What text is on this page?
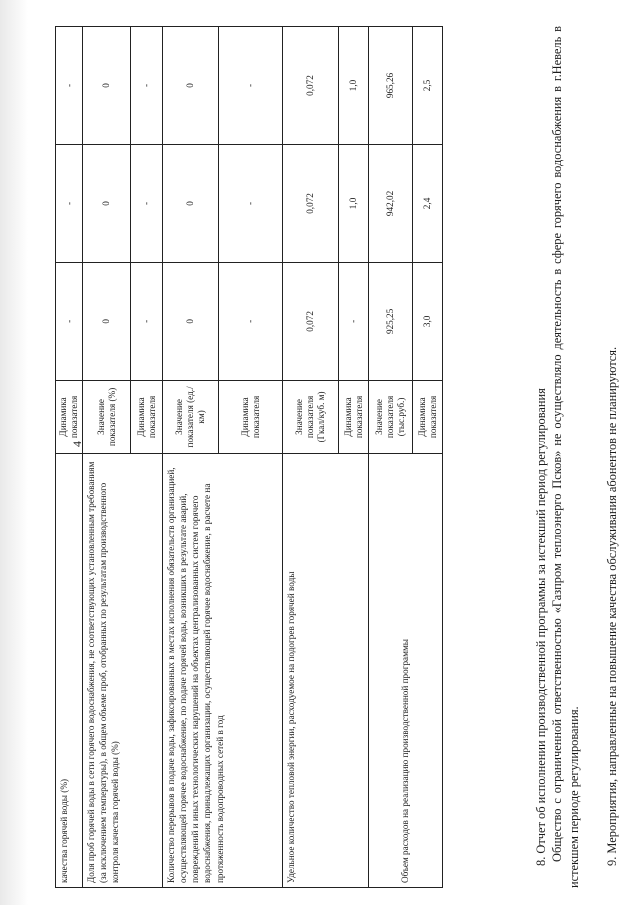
4
качества горячей воды (%)	Динамика показателя	-	-	-
Доля проб горячей воды в сети горячего водоснабжения, не соответствующих установленным требованиям (за исключением температуры), в общем объеме проб, отобранных по результатам производственного контроля качества горячей воды (%)	Значение показателя (%)	0	0	0
	Динамика показателя	-	-	-
Количество перерывов в подаче воды, зафиксированных в местах исполнения обязательств организацией, осуществляющей горячее водоснабжение, по подаче горячей воды, возникших в результате аварий, повреждений и иных технологических нарушений на объектах централизованных систем горячего водоснабжения, принадлежащих организации, осуществляющей горячее водоснабжение, в расчете на протяженность водопроводных сетей в год	Значение показателя (ед./км)	0	0	0
	Динамика показателя	-	-	-
Удельное количество тепловой энергии, расходуемое на подогрев горячей воды	Значение показателя (Гкал/куб. м)	0,072	0,072	0,072
	Динамика показателя	-	1,0	1,0
Объем расходов на реализацию производственной программы	Значение показателя (тыс.руб.)	925,25	942,02	965,26
	Динамика показателя	3,0	2,4	2,5

8. Отчет об исполнении производственной программы за истекший период регулирования Общество с ограниченной ответственностью «Газпром теплоэнерго Псков» не осуществляло деятельность в сфере горячего водоснабжения в г.Невель в истекшем периоде регулирования. 9. Мероприятия, направленные на повышение качества обслуживания абонентов не планируются.
